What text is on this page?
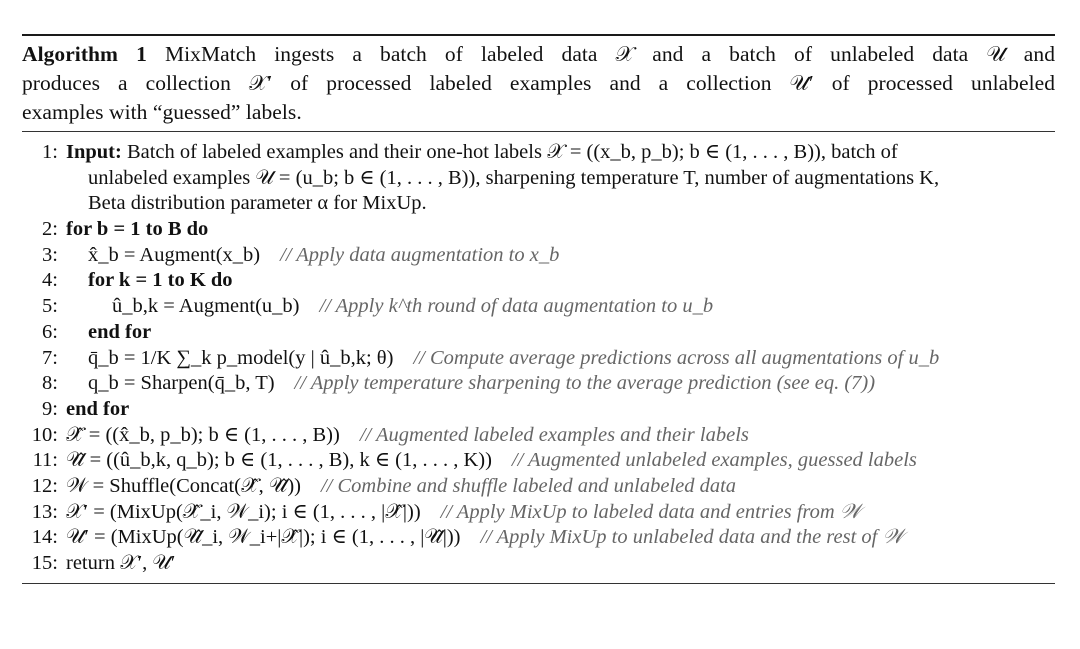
Algorithm 1 MixMatch ingests a batch of labeled data 𝒳 and a batch of unlabeled data 𝒰 and
produces a collection 𝒳′ of processed labeled examples and a collection 𝒰′ of processed unlabeled
examples with “guessed” labels.
1: Input: Batch of labeled examples and their one-hot labels 𝒳 = ((x_b, p_b); b ∈ (1, . . . , B)), batch of
unlabeled examples 𝒰 = (u_b; b ∈ (1, . . . , B)), sharpening temperature T, number of augmentations K,
Beta distribution parameter α for MixUp.
2: for b = 1 to B do
3: x̂_b = Augment(x_b) // Apply data augmentation to x_b
4: for k = 1 to K do
5:	û_b,k = Augment(u_b) // Apply k^th round of data augmentation to u_b
6: end for
7: q̄_b = 1/K ∑_k p_model(y | û_b,k; θ) // Compute average predictions across all augmentations of u_b
8: q_b = Sharpen(q̄_b, T) // Apply temperature sharpening to the average prediction (see eq. (7))
9: end for
10: 𝒳̂ = ((x̂_b, p_b); b ∈ (1, . . . , B)) // Augmented labeled examples and their labels
11: 𝒰̂ = ((û_b,k, q_b); b ∈ (1, . . . , B), k ∈ (1, . . . , K)) // Augmented unlabeled examples, guessed labels
12: 𝒲 = Shuffle(Concat(𝒳̂, 𝒰̂)) // Combine and shuffle labeled and unlabeled data
13: 𝒳′ = (MixUp(𝒳̂_i, 𝒲_i); i ∈ (1, . . . , |𝒳̂|)) // Apply MixUp to labeled data and entries from 𝒲
14: 𝒰′ = (MixUp(𝒰̂_i, 𝒲_i+|𝒳̂|); i ∈ (1, . . . , |𝒰̂|)) // Apply MixUp to unlabeled data and the rest of 𝒲
15: return 𝒳′, 𝒰′
